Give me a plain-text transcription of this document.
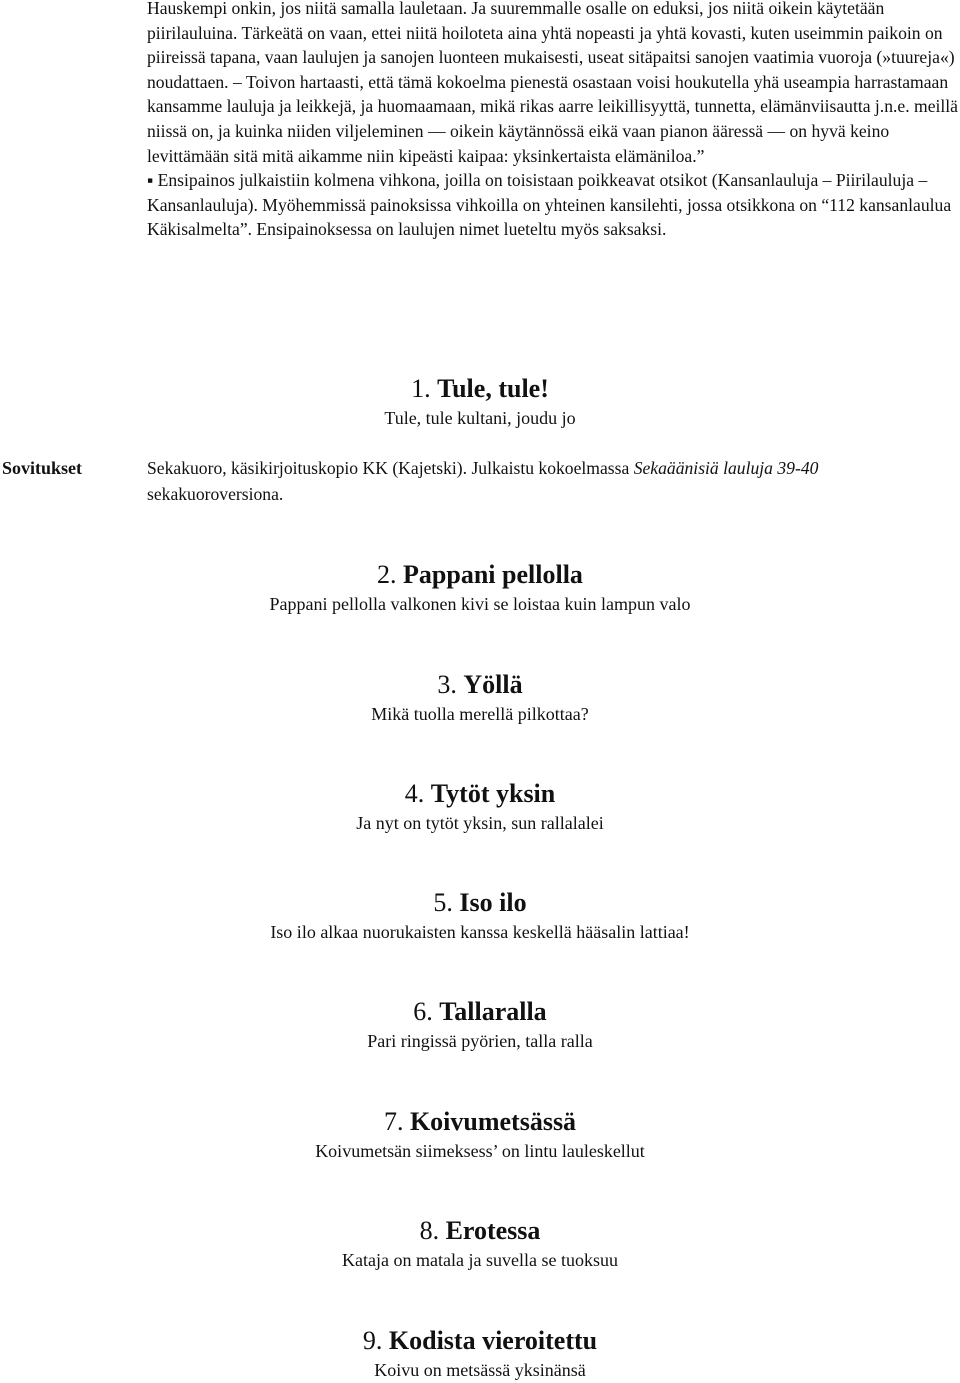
Hauskempi onkin, jos niitä samalla lauletaan. Ja suuremmalle osalle on eduksi, jos niitä oikein käytetään piirilauluina. Tärkeätä on vaan, ettei niitä hoiloteta aina yhtä nopeasti ja yhtä kovasti, kuten useimmin paikoin on piireissä tapana, vaan laulujen ja sanojen luonteen mukaisesti, useat sitäpaitsi sanojen vaatimia vuoroja (»tuureja«) noudattaen. – Toivon hartaasti, että tämä kokoelma pienestä osastaan voisi houkutella yhä useampia harrastamaan kansamme lauluja ja leikkejä, ja huomaamaan, mikä rikas aarre leikillisyyttä, tunnetta, elämänviisautta j.n.e. meillä niissä on, ja kuinka niiden viljeleminen — oikein käytännössä eikä vaan pianon ääressä — on hyvä keino levittämään sitä mitä aikamme niin kipeästi kaipaa: yksinkertaista elämäniloa.”

▪ Ensipainos julkaistiin kolmena vihkona, joilla on toisistaan poikkeavat otsikot (Kansanlauluja – Piirilauluja – Kansanlauluja). Myöhemmissä painoksissa vihkoilla on yhteinen kansilehti, jossa otsikkona on “112 kansanlaulua Käkisalmelta”. Ensipainoksessa on laulujen nimet lueteltu myös saksaksi.

1. Tule, tule!
Tule, tule kultani, joudu jo
Sovitukset	Sekakuoro, käsikirjoituskopio KK (Kajetski). Julkaistu kokoelmassa Sekaäänisiä lauluja 39-40 sekakuoroversiona.
2. Pappani pellolla
Pappani pellolla valkonen kivi se loistaa kuin lampun valo
3. Yöllä
Mikä tuolla merellä pilkottaa?
4. Tytöt yksin
Ja nyt on tytöt yksin, sun rallalalei
5. Iso ilo
Iso ilo alkaa nuorukaisten kanssa keskellä hääsalin lattiaa!
6. Tallaralla
Pari ringissä pyörien, talla ralla
7. Koivumetsässä
Koivumetsän siimeksess’ on lintu lauleskellut
8. Erotessa
Kataja on matala ja suvella se tuoksuu
9. Kodista vieroitettu
Koivu on metsässä yksinänsä
